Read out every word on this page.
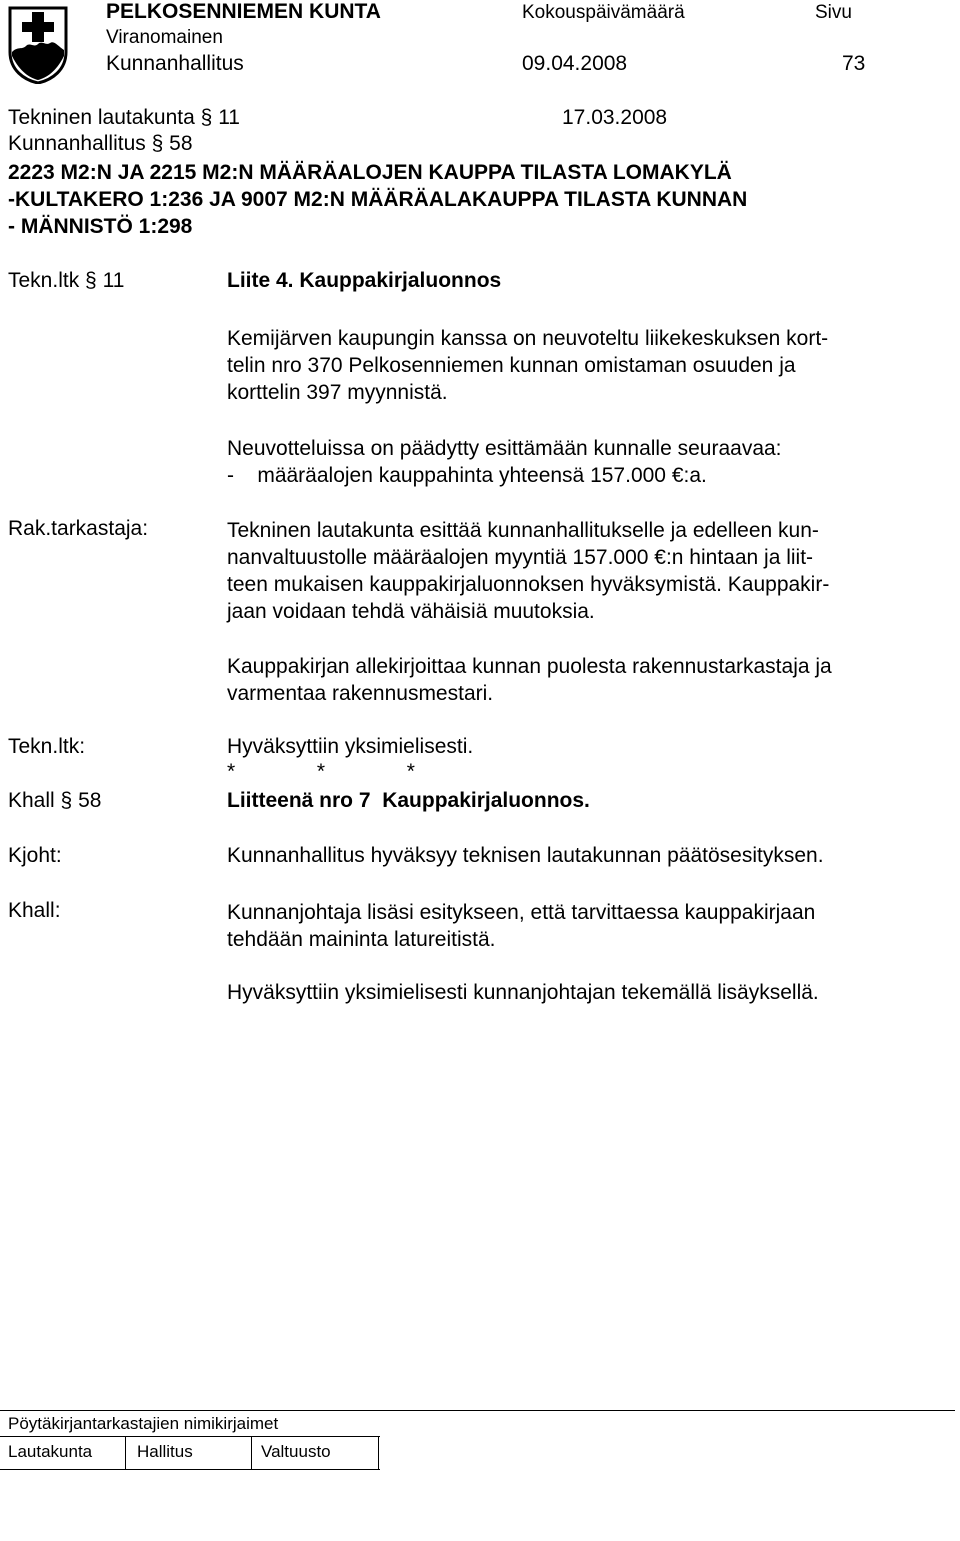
PELKOSENNIEMEN KUNTA
Viranomainen
Kunnanhallitus
Kokouspäivämäärä
09.04.2008
Sivu
73
Tekninen lautakunta § 11	17.03.2008
Kunnanhallitus § 58
2223 M2:N JA 2215 M2:N MÄÄRÄALOJEN KAUPPA TILASTA LOMAKYLÄ
-KULTAKERO 1:236 JA 9007 M2:N MÄÄRÄALAKAUPPA TILASTA KUNNAN
- MÄNNISTÖ 1:298
Tekn.ltk § 11	Liite 4. Kauppakirjaluonnos
Kemijärven kaupungin kanssa on neuvoteltu liikekeskuksen kort-
telin nro 370 Pelkosenniemen kunnan omistaman osuuden ja
korttelin 397 myynnistä.
Neuvotteluissa on päädytty esittämään kunnalle seuraavaa:
-    määräalojen kauppahinta yhteensä 157.000 €:a.
Rak.tarkastaja:	Tekninen lautakunta esittää kunnanhallitukselle ja edelleen kun-
nanvaltuustolle määräalojen myyntiä 157.000 €:n hintaan ja liit-
teen mukaisen kauppakirjaluonnoksen hyväksymistä. Kauppakir-
jaan voidaan tehdä vähäisiä muutoksia.
Kauppakirjan allekirjoittaa kunnan puolesta rakennustarkastaja ja
varmentaa rakennusmestari.
Tekn.ltk:	Hyväksyttiin yksimielisesti.
*              *              *
Khall § 58	Liitteenä nro 7  Kauppakirjaluonnos.
Kjoht:	Kunnanhallitus hyväksyy teknisen lautakunnan päätösesityksen.
Khall:	Kunnanjohtaja lisäsi esitykseen, että tarvittaessa kauppakirjaan
tehdään maininta latureitistä.
Hyväksyttiin yksimielisesti kunnanjohtajan tekemällä lisäyksellä.
Pöytäkirjantarkastajien nimikirjaimet
Lautakunta	Hallitus	Valtuusto
